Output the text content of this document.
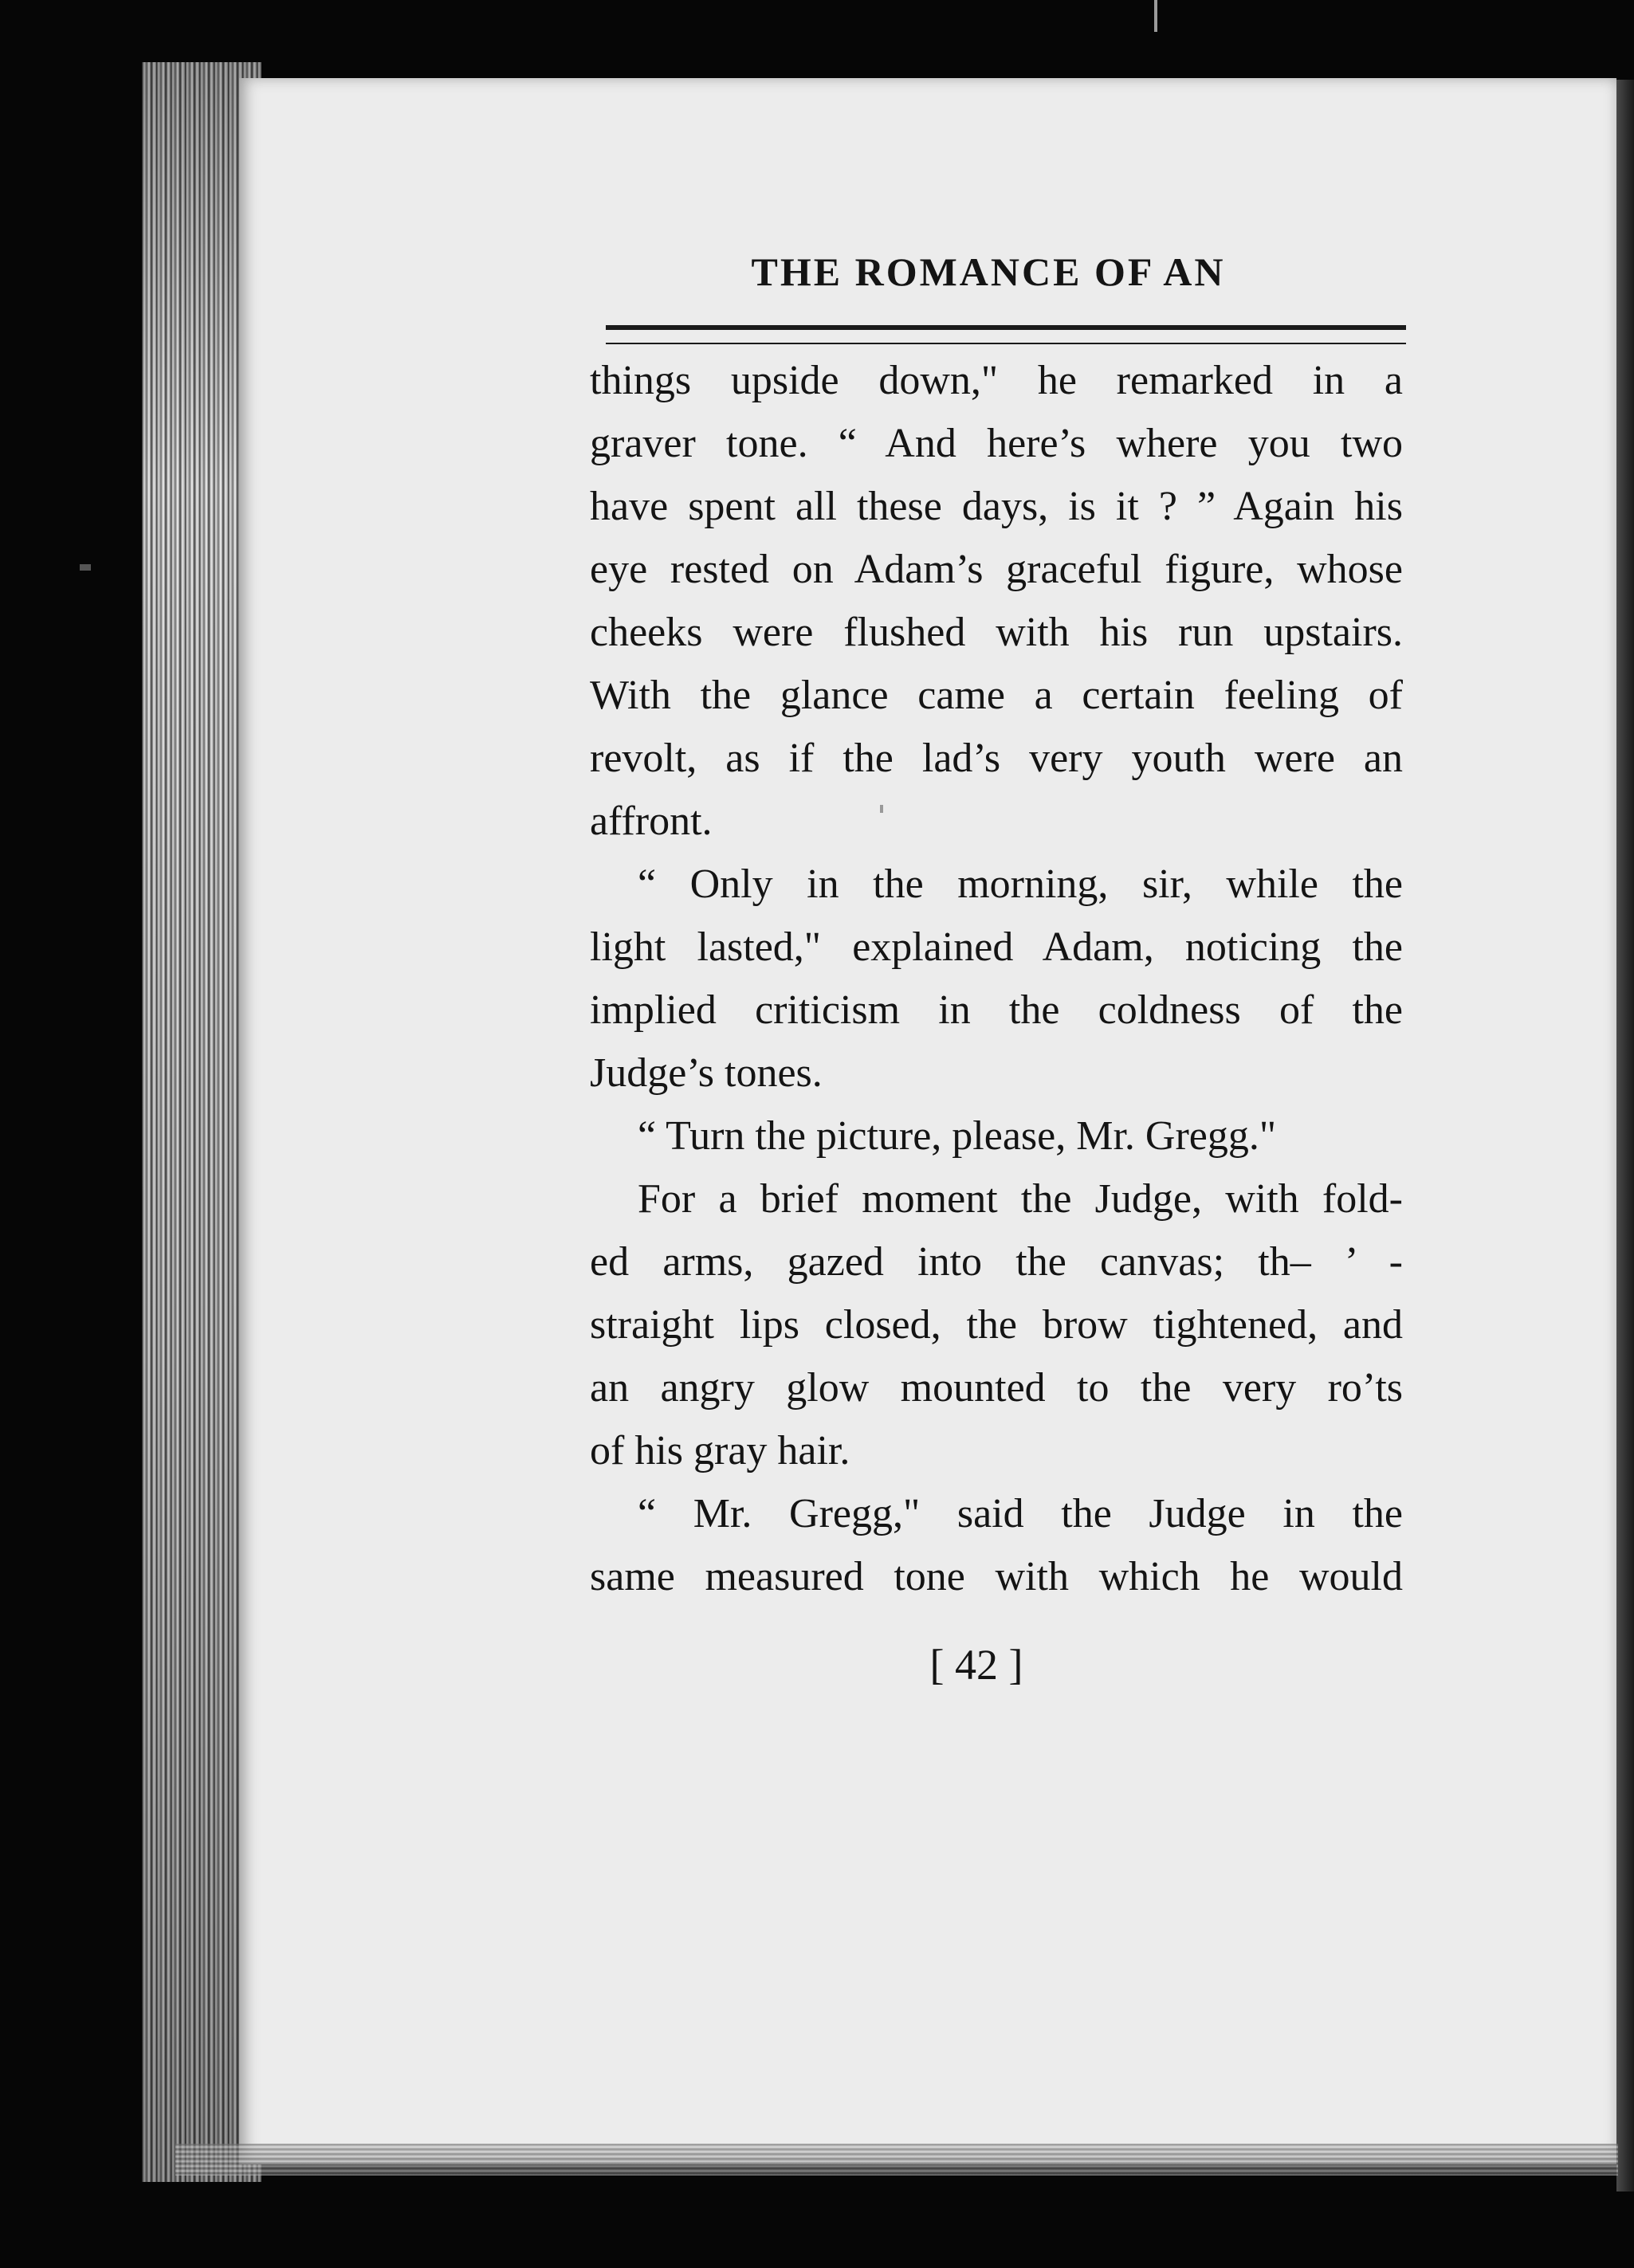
THE ROMANCE OF AN
things upside down," he remarked in a
graver tone. “ And here’s where you two
have spent all these days, is it ? ” Again his
eye rested on Adam’s graceful figure, whose
cheeks were flushed with his run upstairs.
With the glance came a certain feeling of
revolt, as if the lad’s very youth were an
affront.
“ Only in the morning, sir, while the
light lasted," explained Adam, noticing the
implied criticism in the coldness of the
Judge’s tones.
“ Turn the picture, please, Mr. Gregg."
For a brief moment the Judge, with fold-
ed arms, gazed into the canvas; th– ’ ‐
straight lips closed, the brow tightened, and
an angry glow mounted to the very ro’ts
of his gray hair.
“ Mr. Gregg," said the Judge in the
same measured tone with which he would
[ 42 ]
